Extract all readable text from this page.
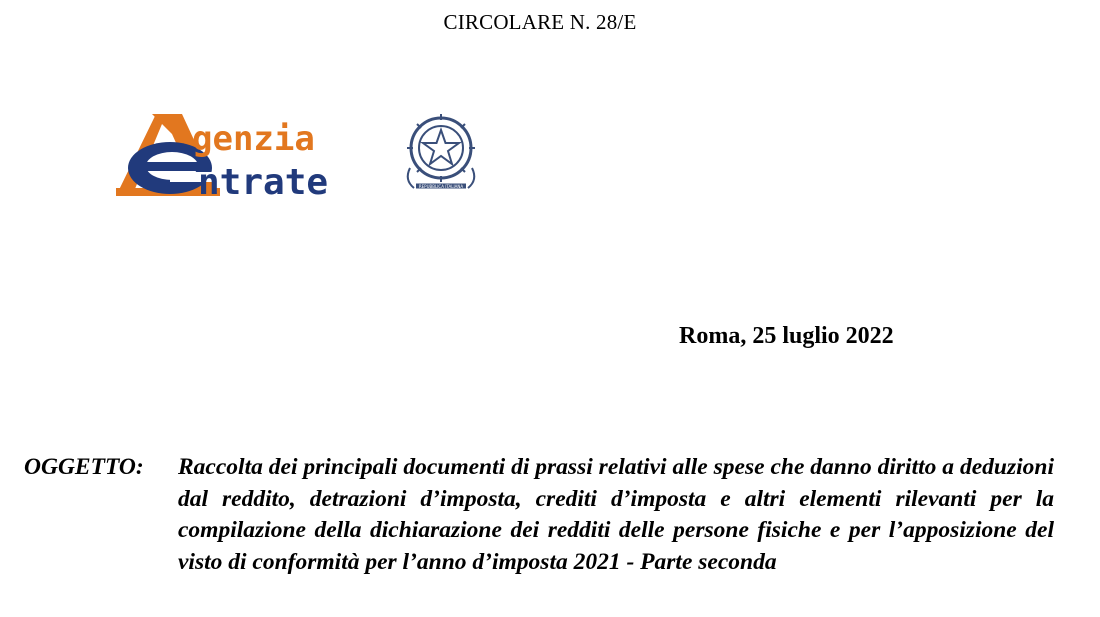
CIRCOLARE N. 28/E
genzia
ntrate	REPUBBLICA ITALIANA
Roma, 25 luglio 2022
OGGETTO:	Raccolta dei principali documenti di prassi relativi alle spese che danno diritto a deduzioni dal reddito, detrazioni d’imposta, crediti d’imposta e altri elementi rilevanti per la compilazione della dichiarazione dei redditi delle persone fisiche e per l’apposizione del visto di conformità per l’anno d’imposta 2021 - Parte seconda
